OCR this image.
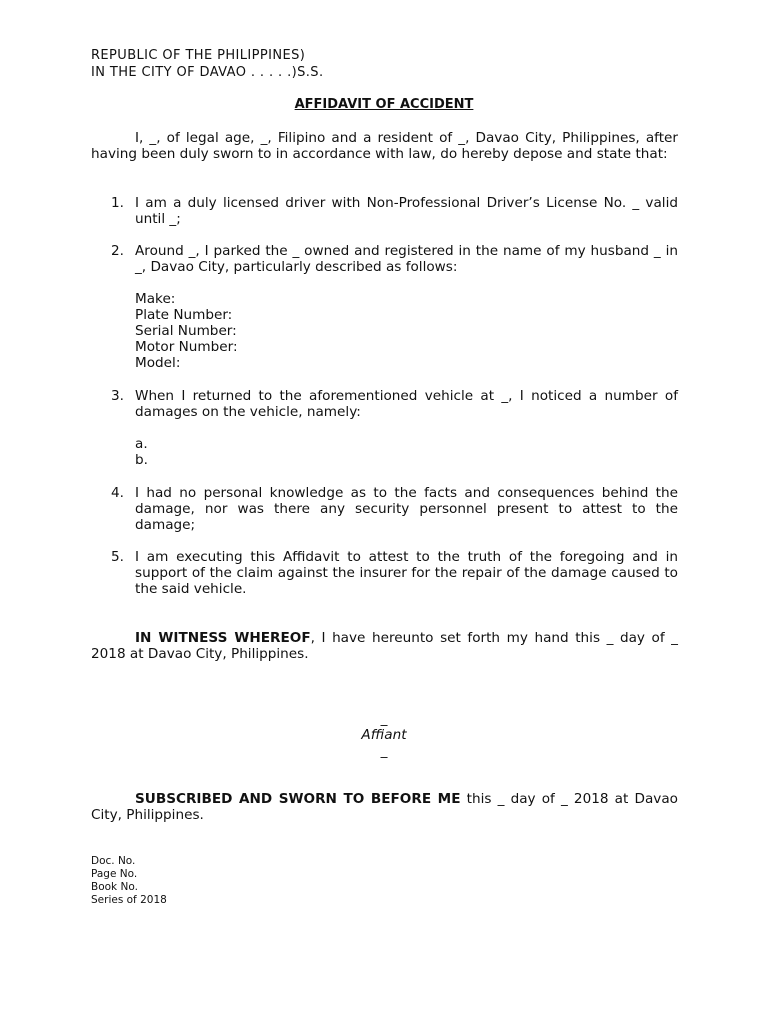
REPUBLIC OF THE PHILIPPINES)
IN THE CITY OF DAVAO . . . . .)S.S.
AFFIDAVIT OF ACCIDENT
I, _, of legal age, _, Filipino and a resident of _, Davao City, Philippines, after having been duly sworn to in accordance with law, do hereby depose and state that:
1. I am a duly licensed driver with Non-Professional Driver’s License No. _ valid until _;
2. Around _, I parked the _ owned and registered in the name of my husband _ in _, Davao City, particularly described as follows:
Make:
Plate Number:
Serial Number:
Motor Number:
Model:
3. When I returned to the aforementioned vehicle at _, I noticed a number of damages on the vehicle, namely:
a.
b.
4. I had no personal knowledge as to the facts and consequences behind the damage, nor was there any security personnel present to attest to the damage;
5. I am executing this Affidavit to attest to the truth of the foregoing and in support of the claim against the insurer for the repair of the damage caused to the said vehicle.
IN WITNESS WHEREOF, I have hereunto set forth my hand this _ day of _ 2018 at Davao City, Philippines.
_
Affiant
_
SUBSCRIBED AND SWORN TO BEFORE ME this _ day of _ 2018 at Davao City, Philippines.
Doc. No.
Page No.
Book No.
Series of 2018
